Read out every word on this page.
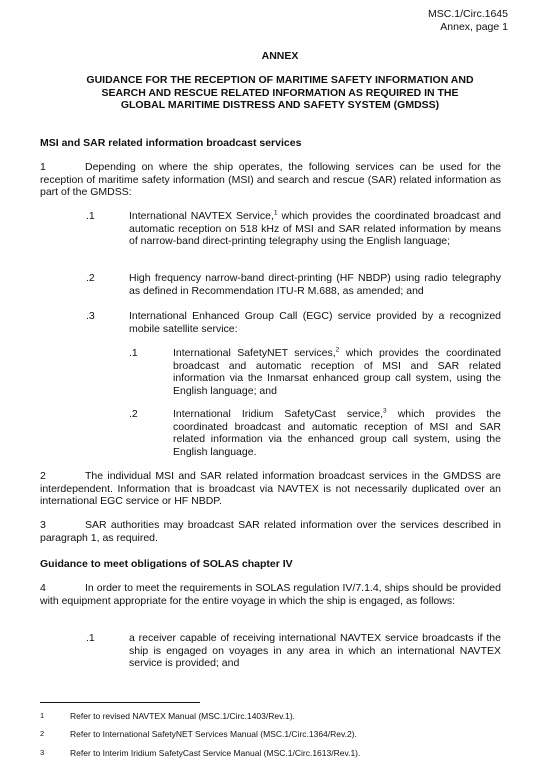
MSC.1/Circ.1645
Annex, page 1
ANNEX
GUIDANCE FOR THE RECEPTION OF MARITIME SAFETY INFORMATION AND
SEARCH AND RESCUE RELATED INFORMATION AS REQUIRED IN THE
GLOBAL MARITIME DISTRESS AND SAFETY SYSTEM (GMDSS)
MSI and SAR related information broadcast services
1	Depending on where the ship operates, the following services can be used for the reception of maritime safety information (MSI) and search and rescue (SAR) related information as part of the GMDSS:
.1	International NAVTEX Service,$^1$ which provides the coordinated broadcast and automatic reception on 518 kHz of MSI and SAR related information by means of narrow-band direct-printing telegraphy using the English language;
.2	High frequency narrow-band direct-printing (HF NBDP) using radio telegraphy as defined in Recommendation ITU-R M.688, as amended; and
.3	International Enhanced Group Call (EGC) service provided by a recognized mobile satellite service:
.1	International SafetyNET services,$^2$ which provides the coordinated broadcast and automatic reception of MSI and SAR related information via the Inmarsat enhanced group call system, using the English language; and
.2	International Iridium SafetyCast service,$^3$ which provides the coordinated broadcast and automatic reception of MSI and SAR related information via the enhanced group call system, using the English language.
2	The individual MSI and SAR related information broadcast services in the GMDSS are interdependent. Information that is broadcast via NAVTEX is not necessarily duplicated over an international EGC service or HF NBDP.
3	SAR authorities may broadcast SAR related information over the services described in paragraph 1, as required.
Guidance to meet obligations of SOLAS chapter IV
4	In order to meet the requirements in SOLAS regulation IV/7.1.4, ships should be provided with equipment appropriate for the entire voyage in which the ship is engaged, as follows:
.1	a receiver capable of receiving international NAVTEX service broadcasts if the ship is engaged on voyages in any area in which an international NAVTEX service is provided; and
1	Refer to revised NAVTEX Manual (MSC.1/Circ.1403/Rev.1).
2	Refer to International SafetyNET Services Manual (MSC.1/Circ.1364/Rev.2).
3	Refer to Interim Iridium SafetyCast Service Manual (MSC.1/Circ.1613/Rev.1).
